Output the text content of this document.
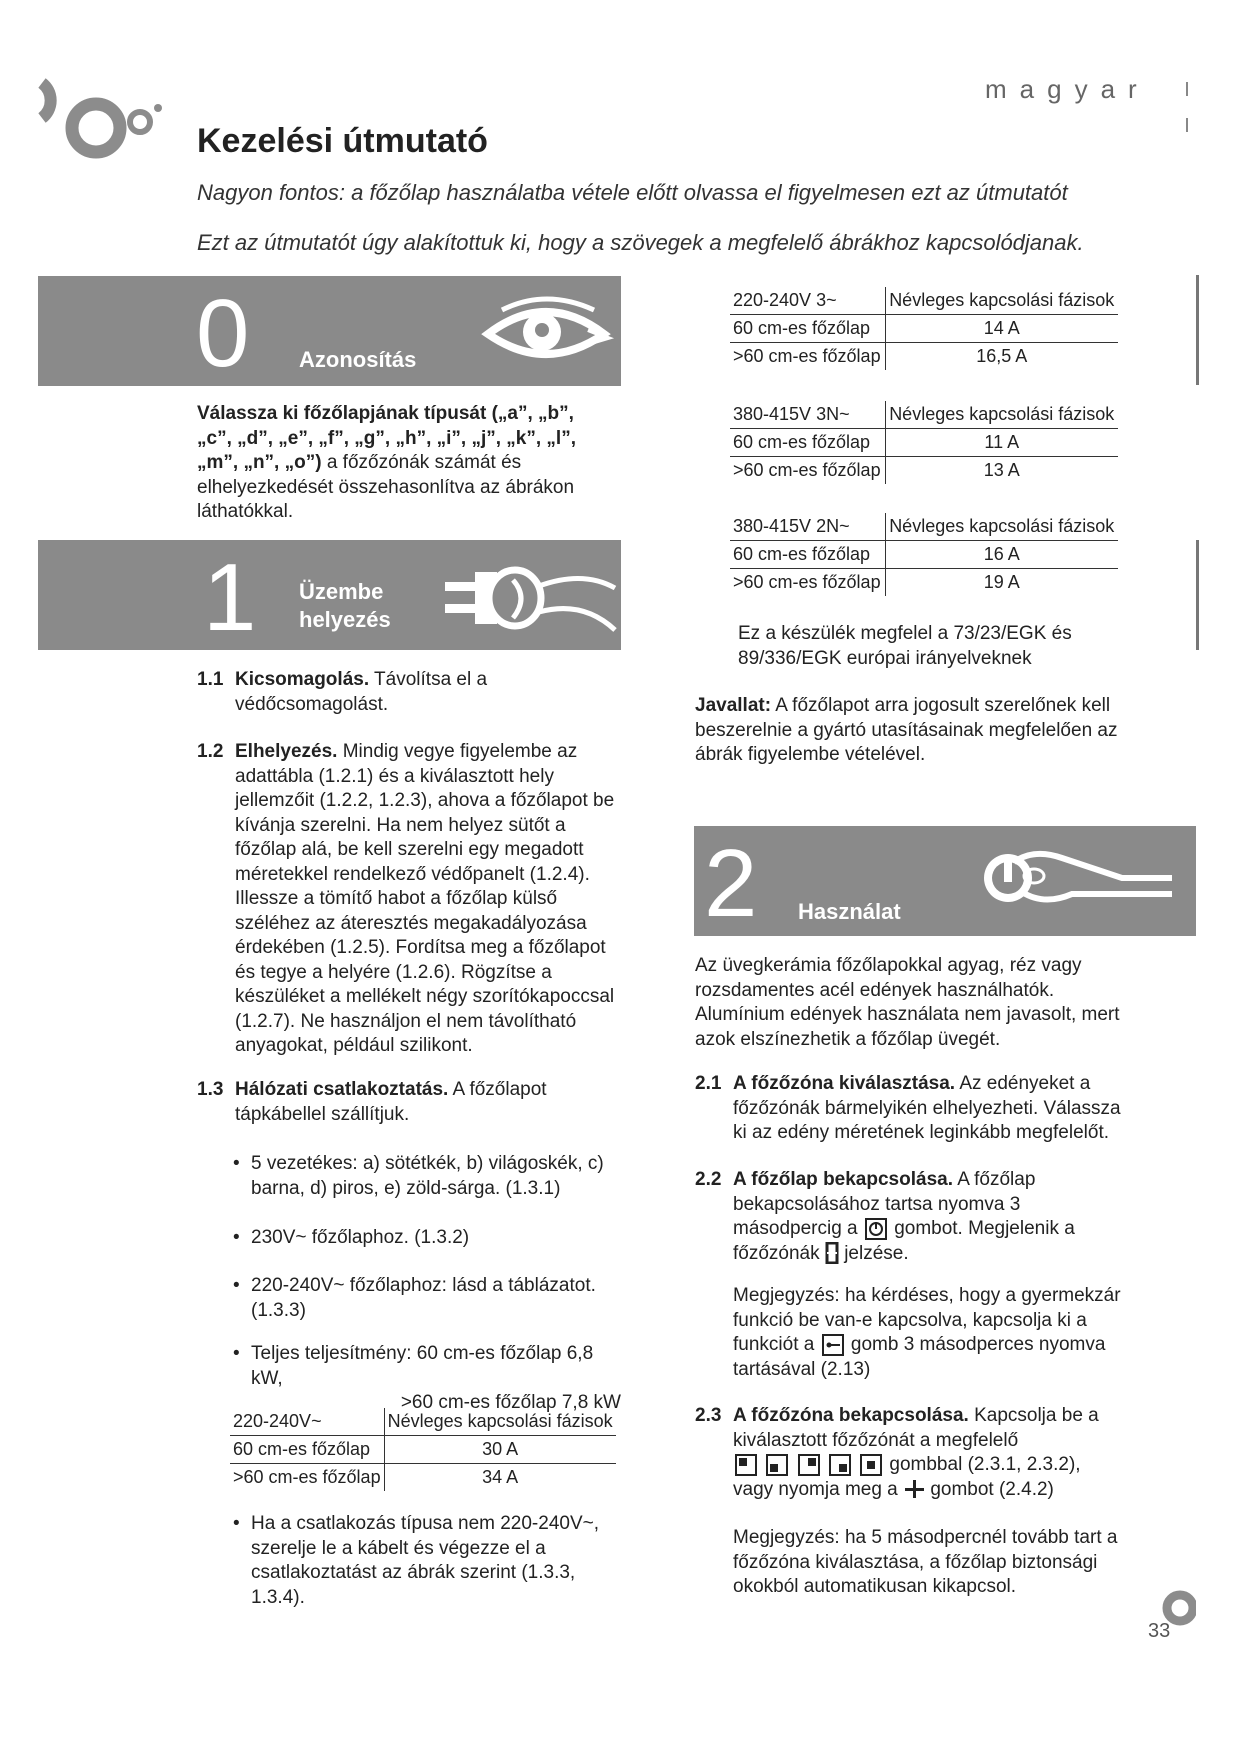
magyar
Kezelési útmutató
Nagyon fontos: a főzőlap használatba vétele előtt olvassa el figyelmesen ezt az útmutatót
Ezt az útmutatót úgy alakítottuk ki, hogy a szövegek a megfelelő ábrákhoz kapcsolódjanak.
0 Azonosítás
Válassza ki főzőlapjának típusát („a”, „b”, „c”, „d”, „e”, „f”, „g”, „h”, „i”, „j”, „k”, „l”, „m”, „n”, „o”) a főzőzónák számát és elhelyezkedését összehasonlítva az ábrákon láthatókkal.
1 Üzembe
helyezés
1.1 Kicsomagolás. Távolítsa el a védőcsomagolást.
1.2 Elhelyezés. Mindig vegye figyelembe az adattábla (1.2.1) és a kiválasztott hely jellemzőit (1.2.2, 1.2.3), ahova a főzőlapot be kívánja szerelni. Ha nem helyez sütőt a főzőlap alá, be kell szerelni egy megadott méretekkel rendelkező védőpanelt (1.2.4). Illessze a tömítő habot a főzőlap külső széléhez az áteresztés megakadályozása érdekében (1.2.5). Fordítsa meg a főzőlapot és tegye a helyére (1.2.6). Rögzítse a készüléket a mellékelt négy szorítókapoccsal (1.2.7). Ne használjon el nem távolítható anyagokat, például szilikont.
1.3 Hálózati csatlakoztatás. A főzőlapot tápkábellel szállítjuk.
• 5 vezetékes: a) sötétkék, b) világoskék, c) barna, d) piros, e) zöld-sárga. (1.3.1)
• 230V~ főzőlaphoz. (1.3.2)
• 220-240V~ főzőlaphoz: lásd a táblázatot. (1.3.3)
• Teljes teljesítmény: 60 cm-es főzőlap 6,8 kW,
>60 cm-es főzőlap 7,8 kW
220-240V~	Névleges kapcsolási fázisok
60 cm-es főzőlap	30 A
>60 cm-es főzőlap	34 A
• Ha a csatlakozás típusa nem 220-240V~, szerelje le a kábelt és végezze el a csatlakoztatást az ábrák szerint (1.3.3, 1.3.4).
220-240V 3~	Névleges kapcsolási fázisok
60 cm-es főzőlap	14 A
>60 cm-es főzőlap	16,5 A
380-415V 3N~	Névleges kapcsolási fázisok
60 cm-es főzőlap	11 A
>60 cm-es főzőlap	13 A
380-415V 2N~	Névleges kapcsolási fázisok
60 cm-es főzőlap	16 A
>60 cm-es főzőlap	19 A
Ez a készülék megfelel a 73/23/EGK és 89/336/EGK európai irányelveknek
Javallat: A főzőlapot arra jogosult szerelőnek kell beszerelnie a gyártó utasításainak megfelelően az ábrák figyelembe vételével.
2 Használat
Az üvegkerámia főzőlapokkal agyag, réz vagy rozsdamentes acél edények használhatók. Alumínium edények használata nem javasolt, mert azok elszínezhetik a főzőlap üvegét.
2.1 A főzőzóna kiválasztása. Az edényeket a főzőzónák bármelyikén elhelyezheti. Válassza ki az edény méretének leginkább megfelelőt.
2.2 A főzőlap bekapcsolása. A főzőlap bekapcsolásához tartsa nyomva 3 másodpercig a gombot. Megjelenik a főzőzónák jelzése.
Megjegyzés: ha kérdéses, hogy a gyermekzár funkció be van-e kapcsolva, kapcsolja ki a funkciót a gomb 3 másodperces nyomva tartásával (2.13)
2.3 A főzőzóna bekapcsolása. Kapcsolja be a kiválasztott főzőzónát a megfelelő

gombbal (2.3.1, 2.3.2),
vagy nyomja meg a gombot (2.4.2)
Megjegyzés: ha 5 másodpercnél tovább tart a főzőzóna kiválasztása, a főzőlap biztonsági okokból automatikusan kikapcsol.
33
